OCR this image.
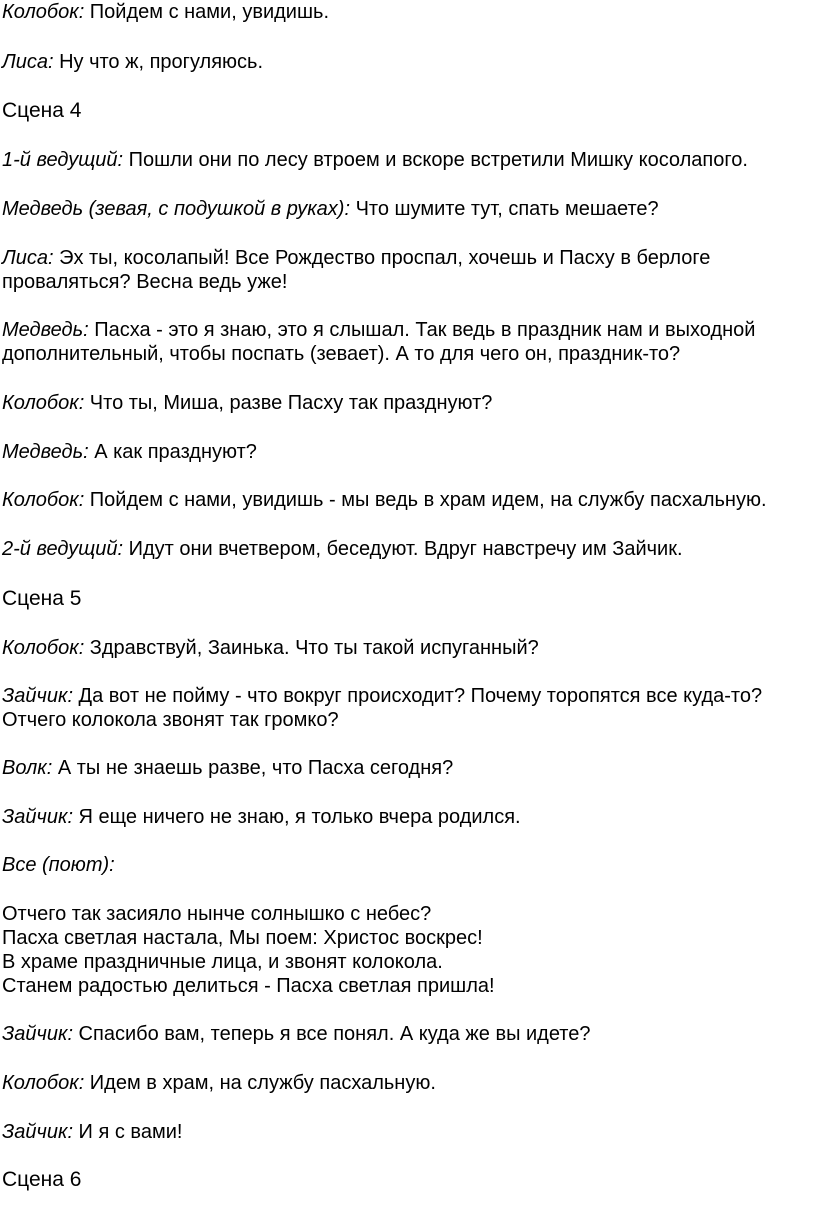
Колобок: Пойдем с нами, увидишь.
Лиса: Ну что ж, прогуляюсь.
Сцена 4
1-й ведущий: Пошли они по лесу втроем и вскоре встретили Мишку косолапого.
Медведь (зевая, с подушкой в руках): Что шумите тут, спать мешаете?
Лиса: Эх ты, косолапый! Все Рождество проспал, хочешь и Пасху в берлоге
проваляться? Весна ведь уже!
Медведь: Пасха - это я знаю, это я слышал. Так ведь в праздник нам и выходной
дополнительный, чтобы поспать (зевает). А то для чего он, праздник-то?
Колобок: Что ты, Миша, разве Пасху так празднуют?
Медведь: А как празднуют?
Колобок: Пойдем с нами, увидишь - мы ведь в храм идем, на службу пасхальную.
2-й ведущий: Идут они вчетвером, беседуют. Вдруг навстречу им Зайчик.
Сцена 5
Колобок: Здравствуй, Заинька. Что ты такой испуганный?
Зайчик: Да вот не пойму - что вокруг происходит? Почему торопятся все куда-то?
Отчего колокола звонят так громко?
Волк: А ты не знаешь разве, что Пасха сегодня?
Зайчик: Я еще ничего не знаю, я только вчера родился.
Все (поют):
Отчего так засияло нынче солнышко с небес?
Пасха светлая настала, Мы поем: Христос воскрес!
В храме праздничные лица, и звонят колокола.
Станем радостью делиться - Пасха светлая пришла!
Зайчик: Спасибо вам, теперь я все понял. А куда же вы идете?
Колобок: Идем в храм, на службу пасхальную.
Зайчик: И я с вами!
Сцена 6
